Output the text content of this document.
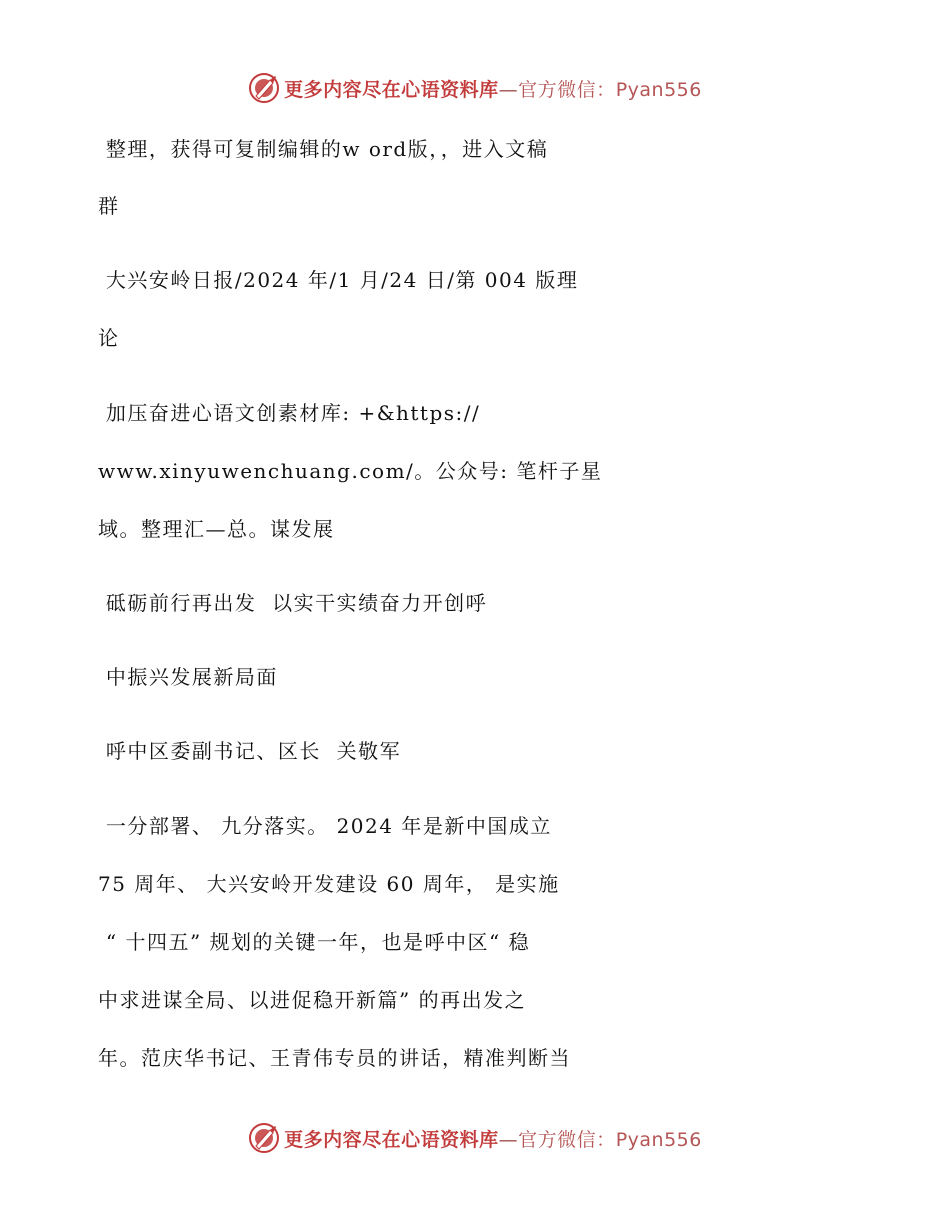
更多内容尽在心语资料库—官方微信：Pyan556
整理，获得可复制编辑的w ord版，，进入文稿
群
大兴安岭日报/2024 年/1 月/24 日/第 004 版理
论
加压奋进心语文创素材库: +&https://
www.xinyuwenchuang.com/。公众号: 笔杆子星
域。整理汇—总。谋发展
砥砺前行再出发  以实干实绩奋力开创呼
中振兴发展新局面
呼中区委副书记、区长  关敬军
一分部署、 九分落实。 2024 年是新中国成立
75 周年、 大兴安岭开发建设 60 周年， 是实施
“ 十四五” 规划的关键一年，也是呼中区“ 稳
中求进谋全局、以进促稳开新篇” 的再出发之
年。范庆华书记、王青伟专员的讲话，精准判断当
更多内容尽在心语资料库—官方微信：Pyan556
